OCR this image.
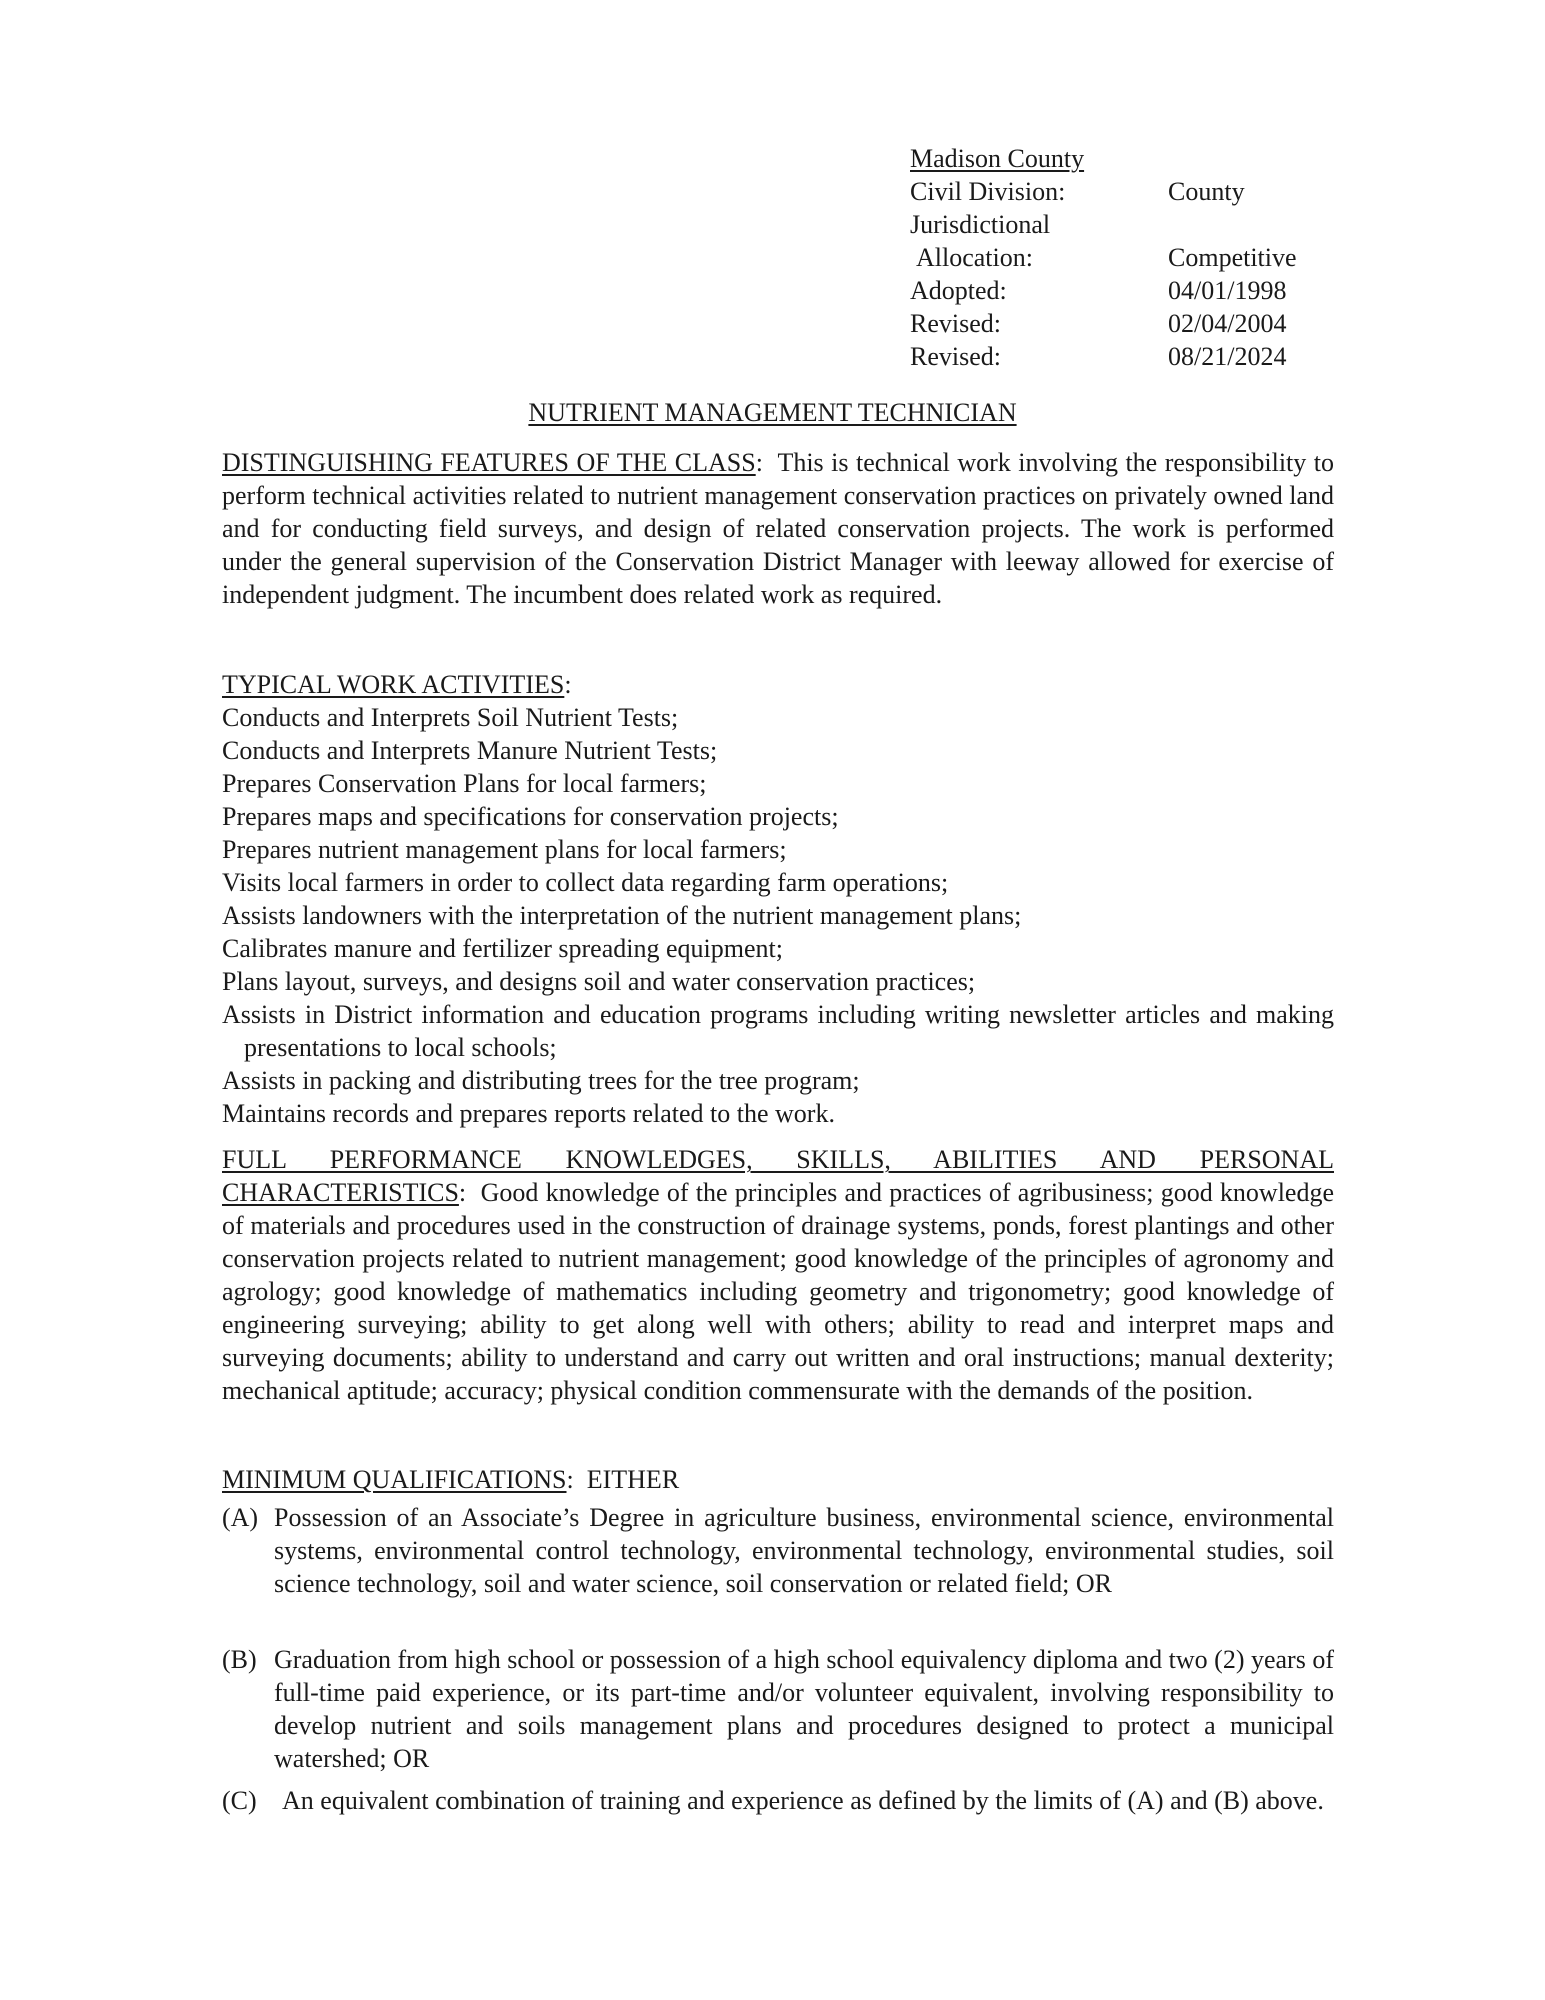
Madison County
Civil Division:	County
Jurisdictional
Allocation:	Competitive
Adopted:	04/01/1998
Revised:	02/04/2004
Revised:	08/21/2024
NUTRIENT MANAGEMENT TECHNICIAN
DISTINGUISHING FEATURES OF THE CLASS:  This is technical work involving the responsibility to perform technical activities related to nutrient management conservation practices on privately owned land and for conducting field surveys, and design of related conservation projects. The work is performed under the general supervision of the Conservation District Manager with leeway allowed for exercise of independent judgment. The incumbent does related work as required.
TYPICAL WORK ACTIVITIES:
Conducts and Interprets Soil Nutrient Tests;
Conducts and Interprets Manure Nutrient Tests;
Prepares Conservation Plans for local farmers;
Prepares maps and specifications for conservation projects;
Prepares nutrient management plans for local farmers;
Visits local farmers in order to collect data regarding farm operations;
Assists landowners with the interpretation of the nutrient management plans;
Calibrates manure and fertilizer spreading equipment;
Plans layout, surveys, and designs soil and water conservation practices;
Assists in District information and education programs including writing newsletter articles and making presentations to local schools;
Assists in packing and distributing trees for the tree program;
Maintains records and prepares reports related to the work.
FULL PERFORMANCE KNOWLEDGES, SKILLS, ABILITIES AND PERSONAL CHARACTERISTICS:  Good knowledge of the principles and practices of agribusiness; good knowledge of materials and procedures used in the construction of drainage systems, ponds, forest plantings and other conservation projects related to nutrient management; good knowledge of the principles of agronomy and agrology; good knowledge of mathematics including geometry and trigonometry; good knowledge of engineering surveying; ability to get along well with others; ability to read and interpret maps and surveying documents; ability to understand and carry out written and oral instructions; manual dexterity; mechanical aptitude; accuracy; physical condition commensurate with the demands of the position.
MINIMUM QUALIFICATIONS:  EITHER
(A) Possession of an Associate’s Degree in agriculture business, environmental science, environmental systems, environmental control technology, environmental technology, environmental studies, soil science technology, soil and water science, soil conservation or related field; OR
(B) Graduation from high school or possession of a high school equivalency diploma and two (2) years of full-time paid experience, or its part-time and/or volunteer equivalent, involving responsibility to develop nutrient and soils management plans and procedures designed to protect a municipal watershed; OR
(C) An equivalent combination of training and experience as defined by the limits of (A) and (B) above.
